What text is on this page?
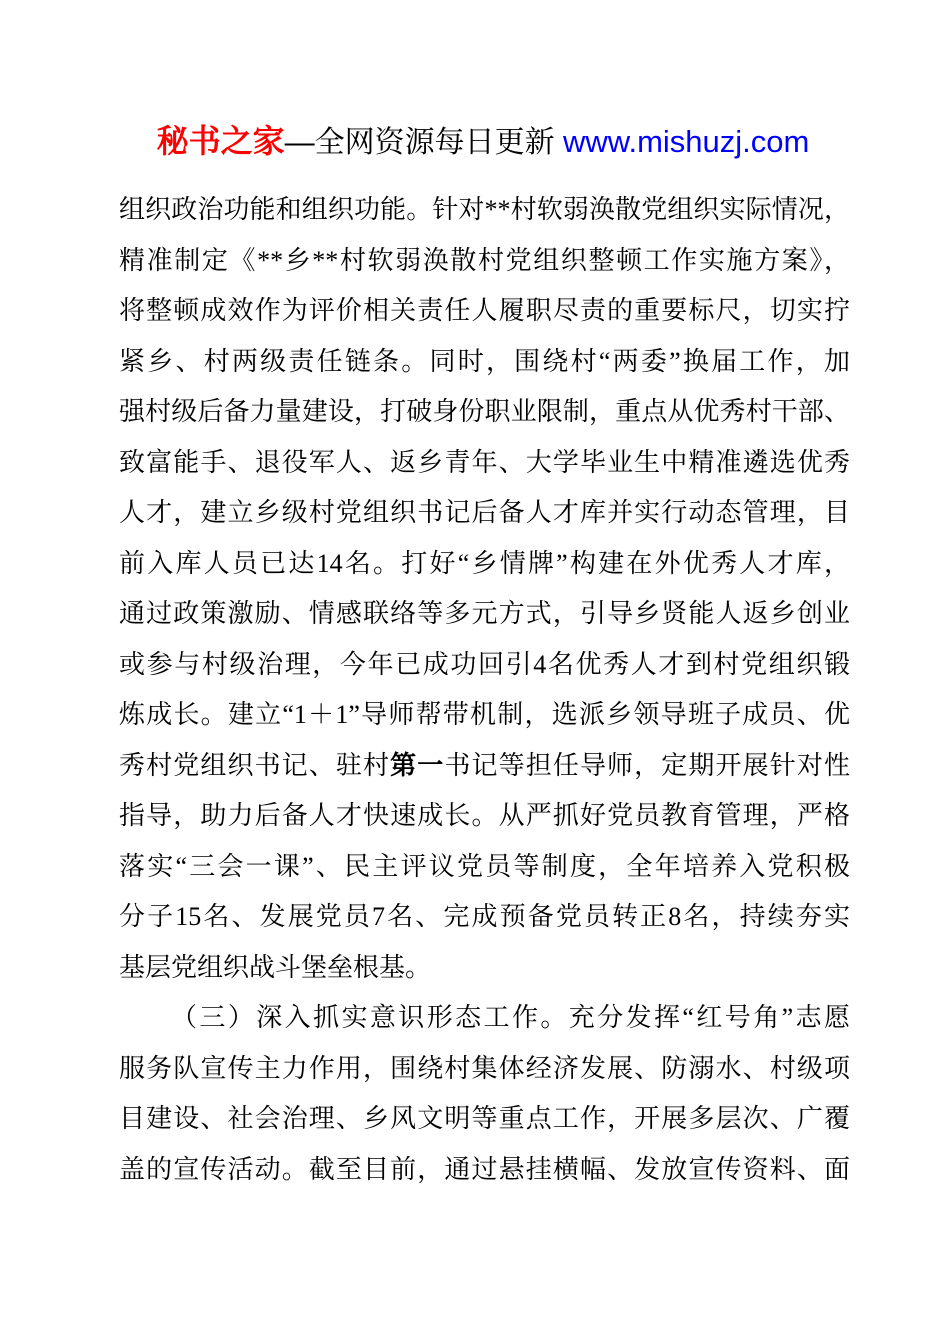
秘书之家—全网资源每日更新 www.mishuzj.com

组织政治功能和组织功能。针对**村软弱涣散党组织实际情况，
精准制定《**乡**村软弱涣散村党组织整顿工作实施方案》，
将整顿成效作为评价相关责任人履职尽责的重要标尺，切实拧
紧乡、村两级责任链条。同时，围绕村“两委”换届工作，加
强村级后备力量建设，打破身份职业限制，重点从优秀村干部、
致富能手、退役军人、返乡青年、大学毕业生中精准遴选优秀
人才，建立乡级村党组织书记后备人才库并实行动态管理，目
前入库人员已达14名。打好“乡情牌”构建在外优秀人才库，
通过政策激励、情感联络等多元方式，引导乡贤能人返乡创业
或参与村级治理，今年已成功回引4名优秀人才到村党组织锻
炼成长。建立“1＋1”导师帮带机制，选派乡领导班子成员、优
秀村党组织书记、驻村第一书记等担任导师，定期开展针对性
指导，助力后备人才快速成长。从严抓好党员教育管理，严格
落实“三会一课”、民主评议党员等制度，全年培养入党积极
分子15名、发展党员7名、完成预备党员转正8名，持续夯实
基层党组织战斗堡垒根基。
（三）深入抓实意识形态工作。充分发挥“红号角”志愿
服务队宣传主力作用，围绕村集体经济发展、防溺水、村级项
目建设、社会治理、乡风文明等重点工作，开展多层次、广覆
盖的宣传活动。截至目前，通过悬挂横幅、发放宣传资料、面
